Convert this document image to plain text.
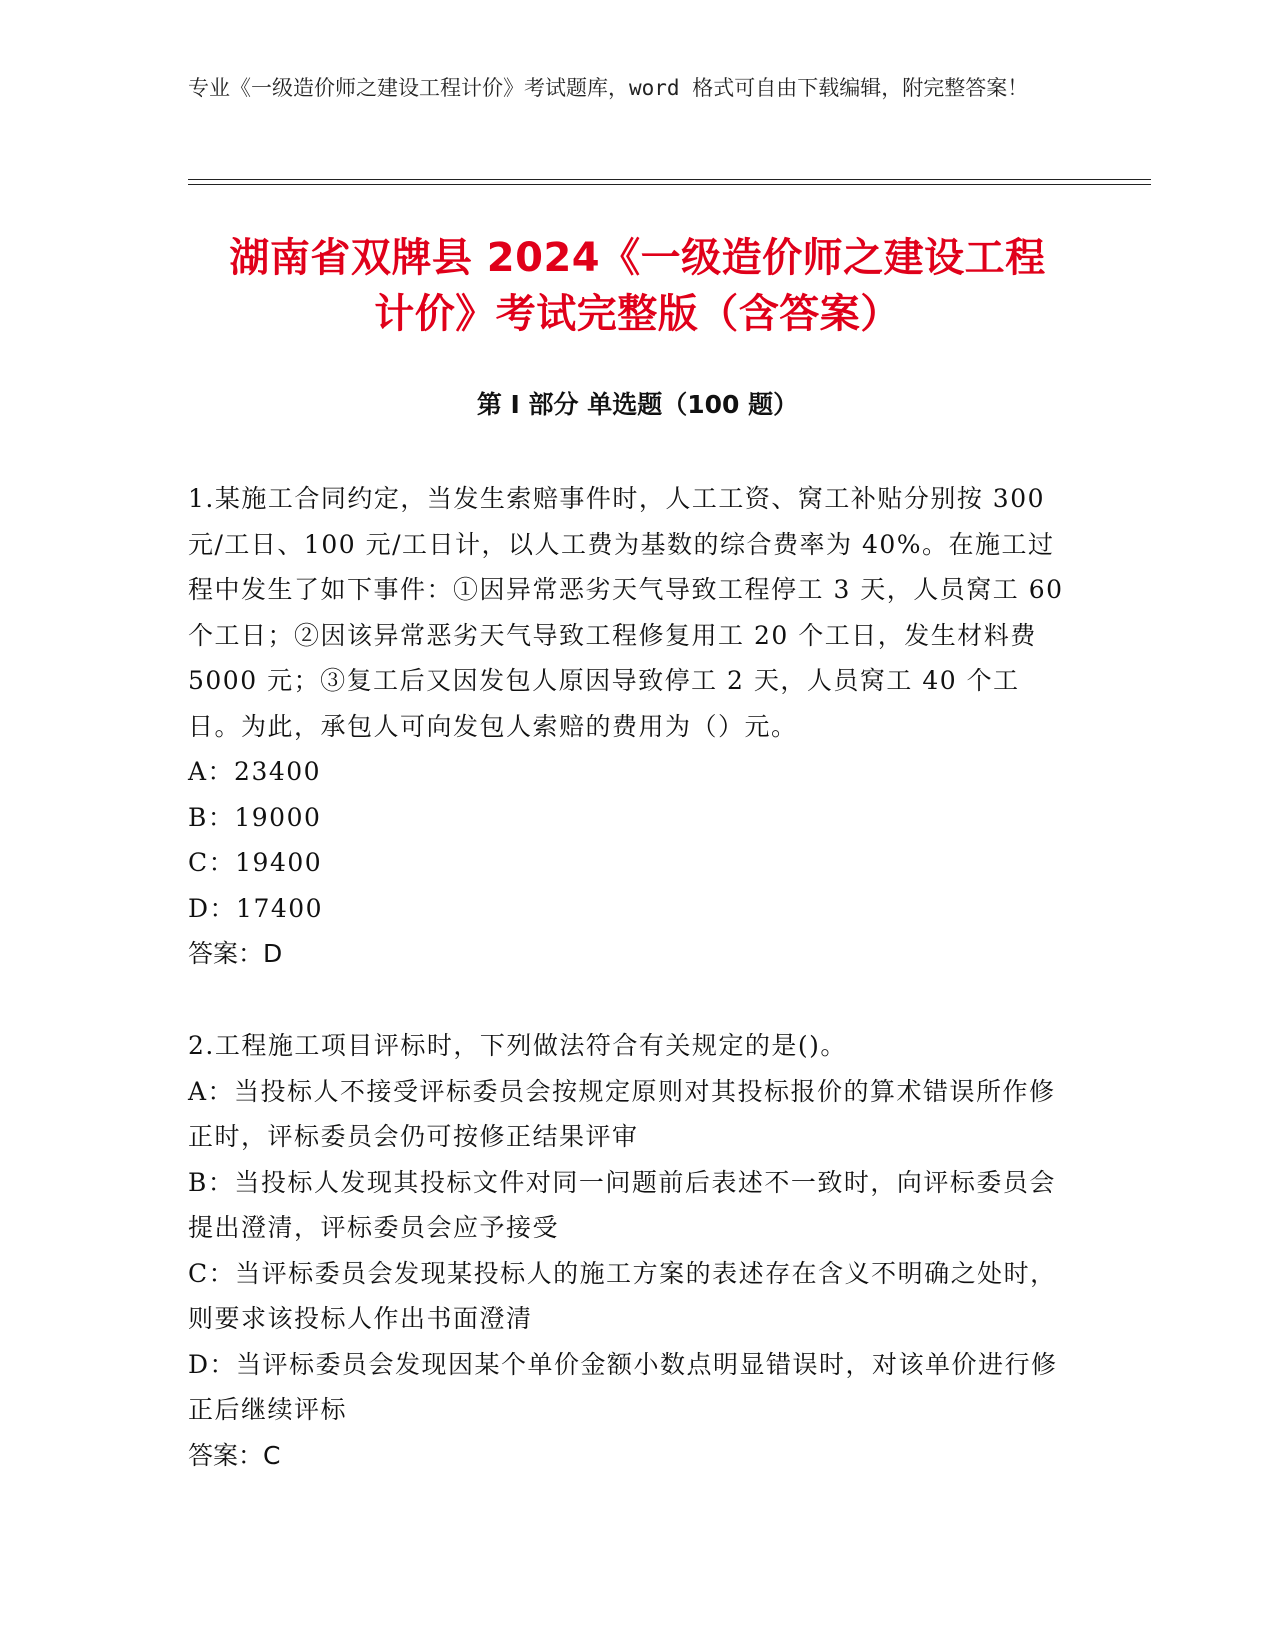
专业《一级造价师之建设工程计价》考试题库，word 格式可自由下载编辑，附完整答案！
湖南省双牌县 2024《一级造价师之建设工程
计价》考试完整版（含答案）
第 I 部分 单选题（100 题）

1.某施工合同约定，当发生索赔事件时，人工工资、窝工补贴分别按 300 元/工日、100 元/工日计，以人工费为基数的综合费率为 40%。在施工过程中发生了如下事件：①因异常恶劣天气导致工程停工 3 天，人员窝工 60 个工日；②因该异常恶劣天气导致工程修复用工 20 个工日，发生材料费 5000 元；③复工后又因发包人原因导致停工 2 天，人员窝工 40 个工日。为此，承包人可向发包人索赔的费用为（）元。

A：23400

B：19000

C：19400

D：17400

答案：D

2.工程施工项目评标时，下列做法符合有关规定的是()。

A：当投标人不接受评标委员会按规定原则对其投标报价的算术错误所作修正时，评标委员会仍可按修正结果评审

B：当投标人发现其投标文件对同一问题前后表述不一致时，向评标委员会提出澄清，评标委员会应予接受

C：当评标委员会发现某投标人的施工方案的表述存在含义不明确之处时，则要求该投标人作出书面澄清

D：当评标委员会发现因某个单价金额小数点明显错误时，对该单价进行修正后继续评标

答案：C
